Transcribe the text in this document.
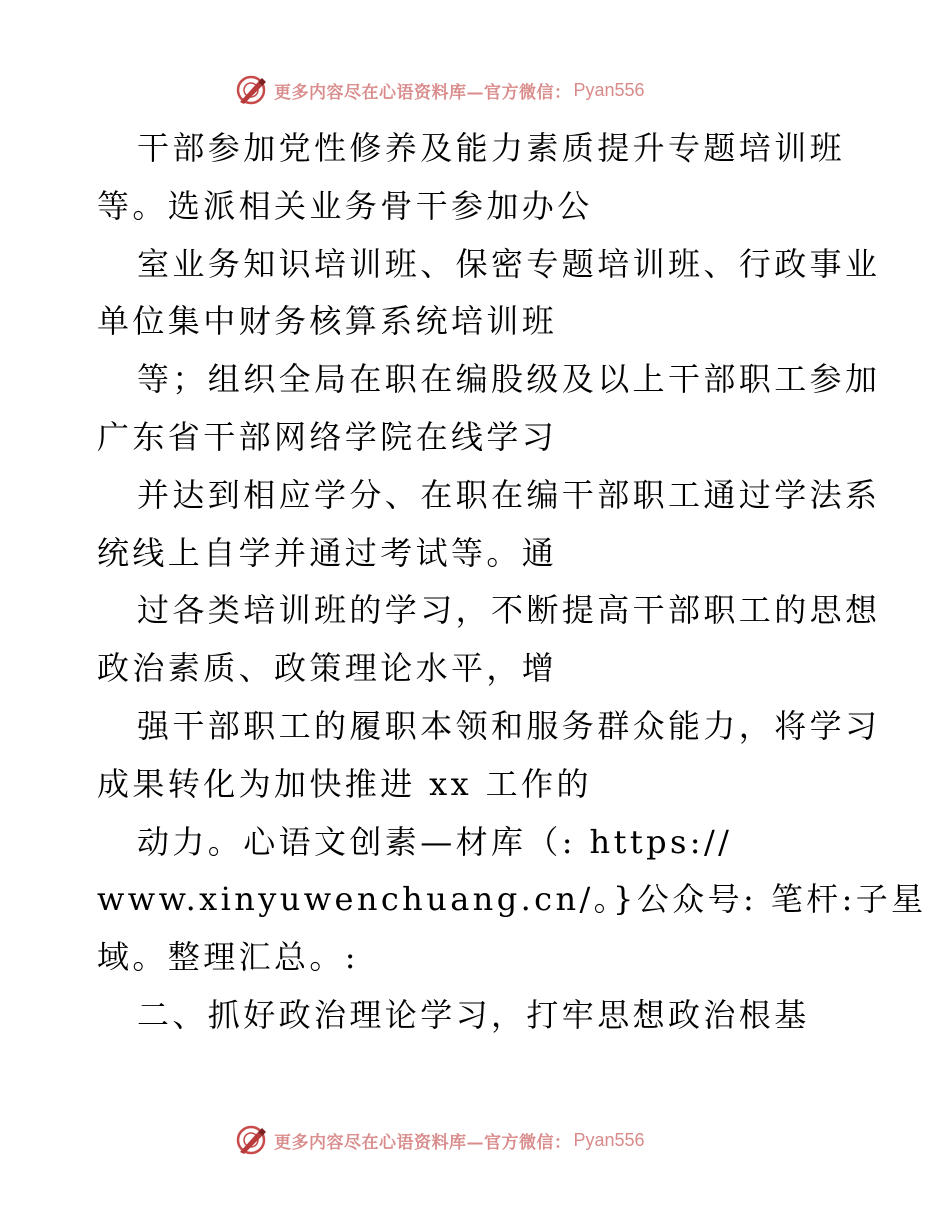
更多内容尽在心语资料库—官方微信： Pyan556
干部参加党性修养及能力素质提升专题培训班
等。选派相关业务骨干参加办公
室业务知识培训班、保密专题培训班、行政事业
单位集中财务核算系统培训班
等；组织全局在职在编股级及以上干部职工参加
广东省干部网络学院在线学习
并达到相应学分、在职在编干部职工通过学法系
统线上自学并通过考试等。通
过各类培训班的学习，不断提高干部职工的思想
政治素质、政策理论水平，增
强干部职工的履职本领和服务群众能力，将学习
成果转化为加快推进 xx 工作的
动力。心语文创素—材库（: https://
www.xinyuwenchuang.cn/。}公众号: 笔杆:子星
域。整理汇总。:
二、抓好政治理论学习，打牢思想政治根基
更多内容尽在心语资料库—官方微信： Pyan556
